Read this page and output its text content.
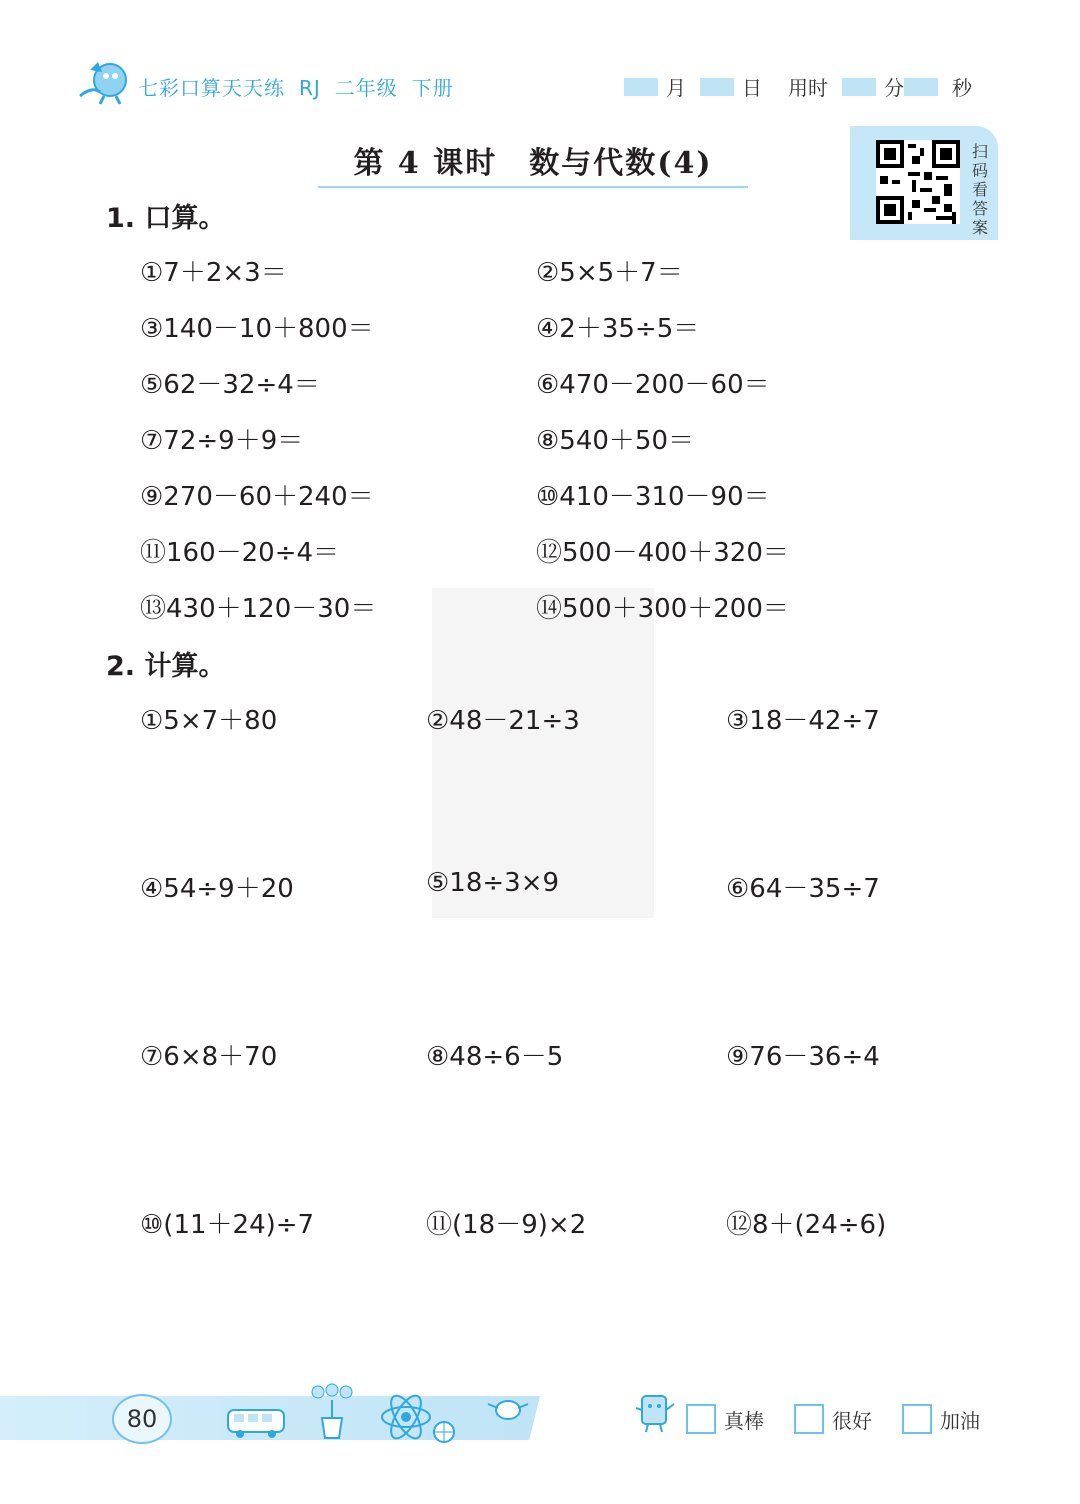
七彩口算天天练 RJ 二年级 下册	月	日 用时	分 秒
第 4 课时　数与代数(4)	扫码看答案
1. 口算。
①7＋2×3＝	②5×5＋7＝
③140－10＋800＝	④2＋35÷5＝
⑤62－32÷4＝	⑥470－200－60＝
⑦72÷9＋9＝	⑧540＋50＝
⑨270－60＋240＝	⑩410－310－90＝
⑪160－20÷4＝	⑫500－400＋320＝
⑬430＋120－30＝	⑭500＋300＋200＝
2. 计算。
①5×7＋80	②48－21÷3	③18－42÷7
④54÷9＋20	⑤18÷3×9	⑥64－35÷7
⑦6×8＋70	⑧48÷6－5	⑨76－36÷4
⑩(11＋24)÷7	⑪(18－9)×2	⑫8＋(24÷6)
80	真棒	很好	加油
